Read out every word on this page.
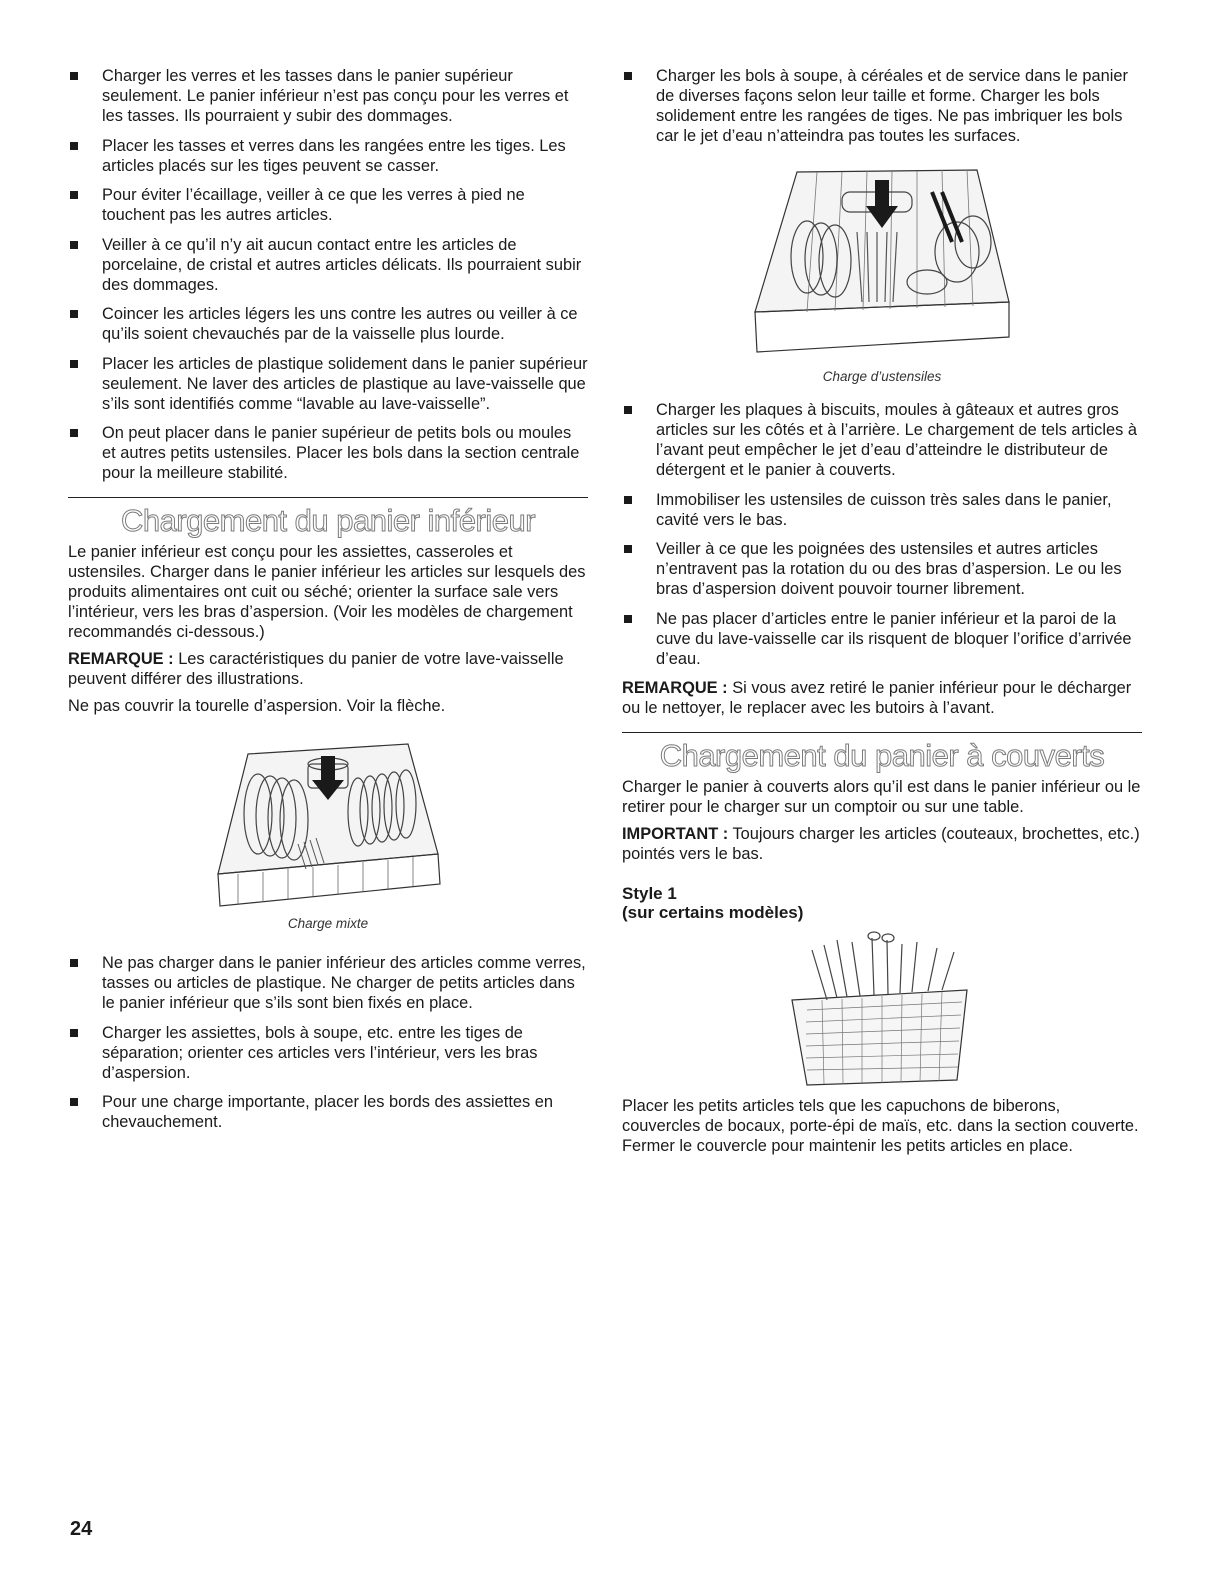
Charger les verres et les tasses dans le panier supérieur seulement. Le panier inférieur n’est pas conçu pour les verres et les tasses. Ils pourraient y subir des dommages.
Placer les tasses et verres dans les rangées entre les tiges. Les articles placés sur les tiges peuvent se casser.
Pour éviter l’écaillage, veiller à ce que les verres à pied ne touchent pas les autres articles.
Veiller à ce qu’il n’y ait aucun contact entre les articles de porcelaine, de cristal et autres articles délicats. Ils pourraient subir des dommages.
Coincer les articles légers les uns contre les autres ou veiller à ce qu’ils soient chevauchés par de la vaisselle plus lourde.
Placer les articles de plastique solidement dans le panier supérieur seulement. Ne laver des articles de plastique au lave-vaisselle que s’ils sont identifiés comme “lavable au lave-vaisselle”.
On peut placer dans le panier supérieur de petits bols ou moules et autres petits ustensiles. Placer les bols dans la section centrale pour la meilleure stabilité.
Chargement du panier inférieur

Le panier inférieur est conçu pour les assiettes, casseroles et ustensiles. Charger dans le panier inférieur les articles sur lesquels des produits alimentaires ont cuit ou séché; orienter la surface sale vers l’intérieur, vers les bras d’aspersion. (Voir les modèles de chargement recommandés ci-dessous.)

REMARQUE : Les caractéristiques du panier de votre lave-vaisselle peuvent différer des illustrations.

Ne pas couvrir la tourelle d’aspersion. Voir la flèche.

Charge mixte
Ne pas charger dans le panier inférieur des articles comme verres, tasses ou articles de plastique. Ne charger de petits articles dans le panier inférieur que s’ils sont bien fixés en place.
Charger les assiettes, bols à soupe, etc. entre les tiges de séparation; orienter ces articles vers l’intérieur, vers les bras d’aspersion.
Pour une charge importante, placer les bords des assiettes en chevauchement.
Charger les bols à soupe, à céréales et de service dans le panier de diverses façons selon leur taille et forme. Charger les bols solidement entre les rangées de tiges. Ne pas imbriquer les bols car le jet d’eau n’atteindra pas toutes les surfaces.
Charge d’ustensiles
Charger les plaques à biscuits, moules à gâteaux et autres gros articles sur les côtés et à l’arrière. Le chargement de tels articles à l’avant peut empêcher le jet d’eau d’atteindre le distributeur de détergent et le panier à couverts.
Immobiliser les ustensiles de cuisson très sales dans le panier, cavité vers le bas.
Veiller à ce que les poignées des ustensiles et autres articles n’entravent pas la rotation du ou des bras d’aspersion. Le ou les bras d’aspersion doivent pouvoir tourner librement.
Ne pas placer d’articles entre le panier inférieur et la paroi de la cuve du lave-vaisselle car ils risquent de bloquer l’orifice d’arrivée d’eau.

REMARQUE : Si vous avez retiré le panier inférieur pour le décharger ou le nettoyer, le replacer avec les butoirs à l’avant.

Chargement du panier à couverts

Charger le panier à couverts alors qu’il est dans le panier inférieur ou le retirer pour le charger sur un comptoir ou sur une table.

IMPORTANT : Toujours charger les articles (couteaux, brochettes, etc.) pointés vers le bas.

Style 1
(sur certains modèles)

Placer les petits articles tels que les capuchons de biberons, couvercles de bocaux, porte-épi de maïs, etc. dans la section couverte. Fermer le couvercle pour maintenir les petits articles en place.

24
